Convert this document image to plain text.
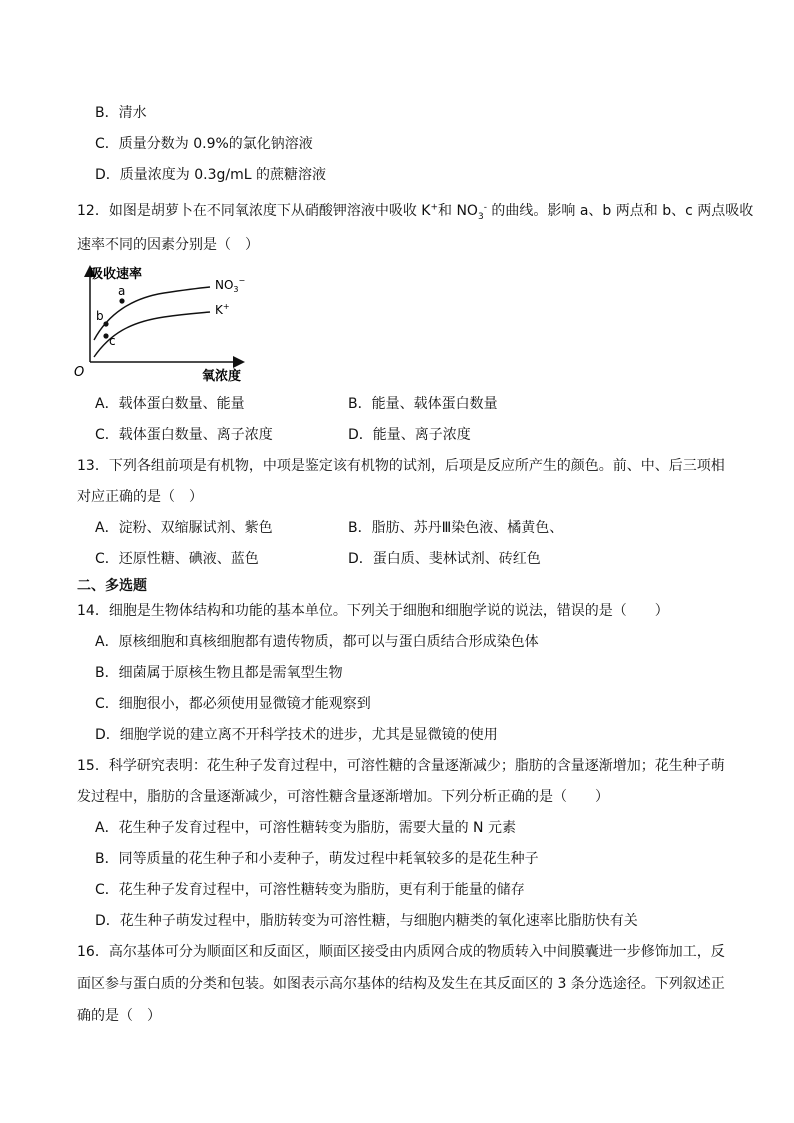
B．清水
C．质量分数为 0.9%的氯化钠溶液
D．质量浓度为 0.3g/mL 的蔗糖溶液
12．如图是胡萝卜在不同氧浓度下从硝酸钾溶液中吸收 K+和 $NO_3^-$ 的曲线。影响 a、b 两点和 b、c 两点吸收
速率不同的因素分别是（　）
吸收速率
氧浓度
O
a
b
c
$NO_3^-$
K+
A．载体蛋白数量、能量	B．能量、载体蛋白数量
C．载体蛋白数量、离子浓度	D．能量、离子浓度
13．下列各组前项是有机物，中项是鉴定该有机物的试剂，后项是反应所产生的颜色。前、中、后三项相
对应正确的是（　）
A．淀粉、双缩脲试剂、紫色	B．脂肪、苏丹Ⅲ染色液、橘黄色、
C．还原性糖、碘液、蓝色	D．蛋白质、斐林试剂、砖红色
二、多选题
14．细胞是生物体结构和功能的基本单位。下列关于细胞和细胞学说的说法，错误的是（　　）
A．原核细胞和真核细胞都有遗传物质，都可以与蛋白质结合形成染色体
B．细菌属于原核生物且都是需氧型生物
C．细胞很小，都必须使用显微镜才能观察到
D．细胞学说的建立离不开科学技术的进步，尤其是显微镜的使用
15．科学研究表明：花生种子发育过程中，可溶性糖的含量逐渐减少；脂肪的含量逐渐增加；花生种子萌
发过程中，脂肪的含量逐渐减少，可溶性糖含量逐渐增加。下列分析正确的是（　　）
A．花生种子发育过程中，可溶性糖转变为脂肪，需要大量的 N 元素
B．同等质量的花生种子和小麦种子，萌发过程中耗氧较多的是花生种子
C．花生种子发育过程中，可溶性糖转变为脂肪，更有利于能量的储存
D．花生种子萌发过程中，脂肪转变为可溶性糖，与细胞内糖类的氧化速率比脂肪快有关
16．高尔基体可分为顺面区和反面区，顺面区接受由内质网合成的物质转入中间膜囊进一步修饰加工，反
面区参与蛋白质的分类和包装。如图表示高尔基体的结构及发生在其反面区的 3 条分选途径。下列叙述正
确的是（　）
